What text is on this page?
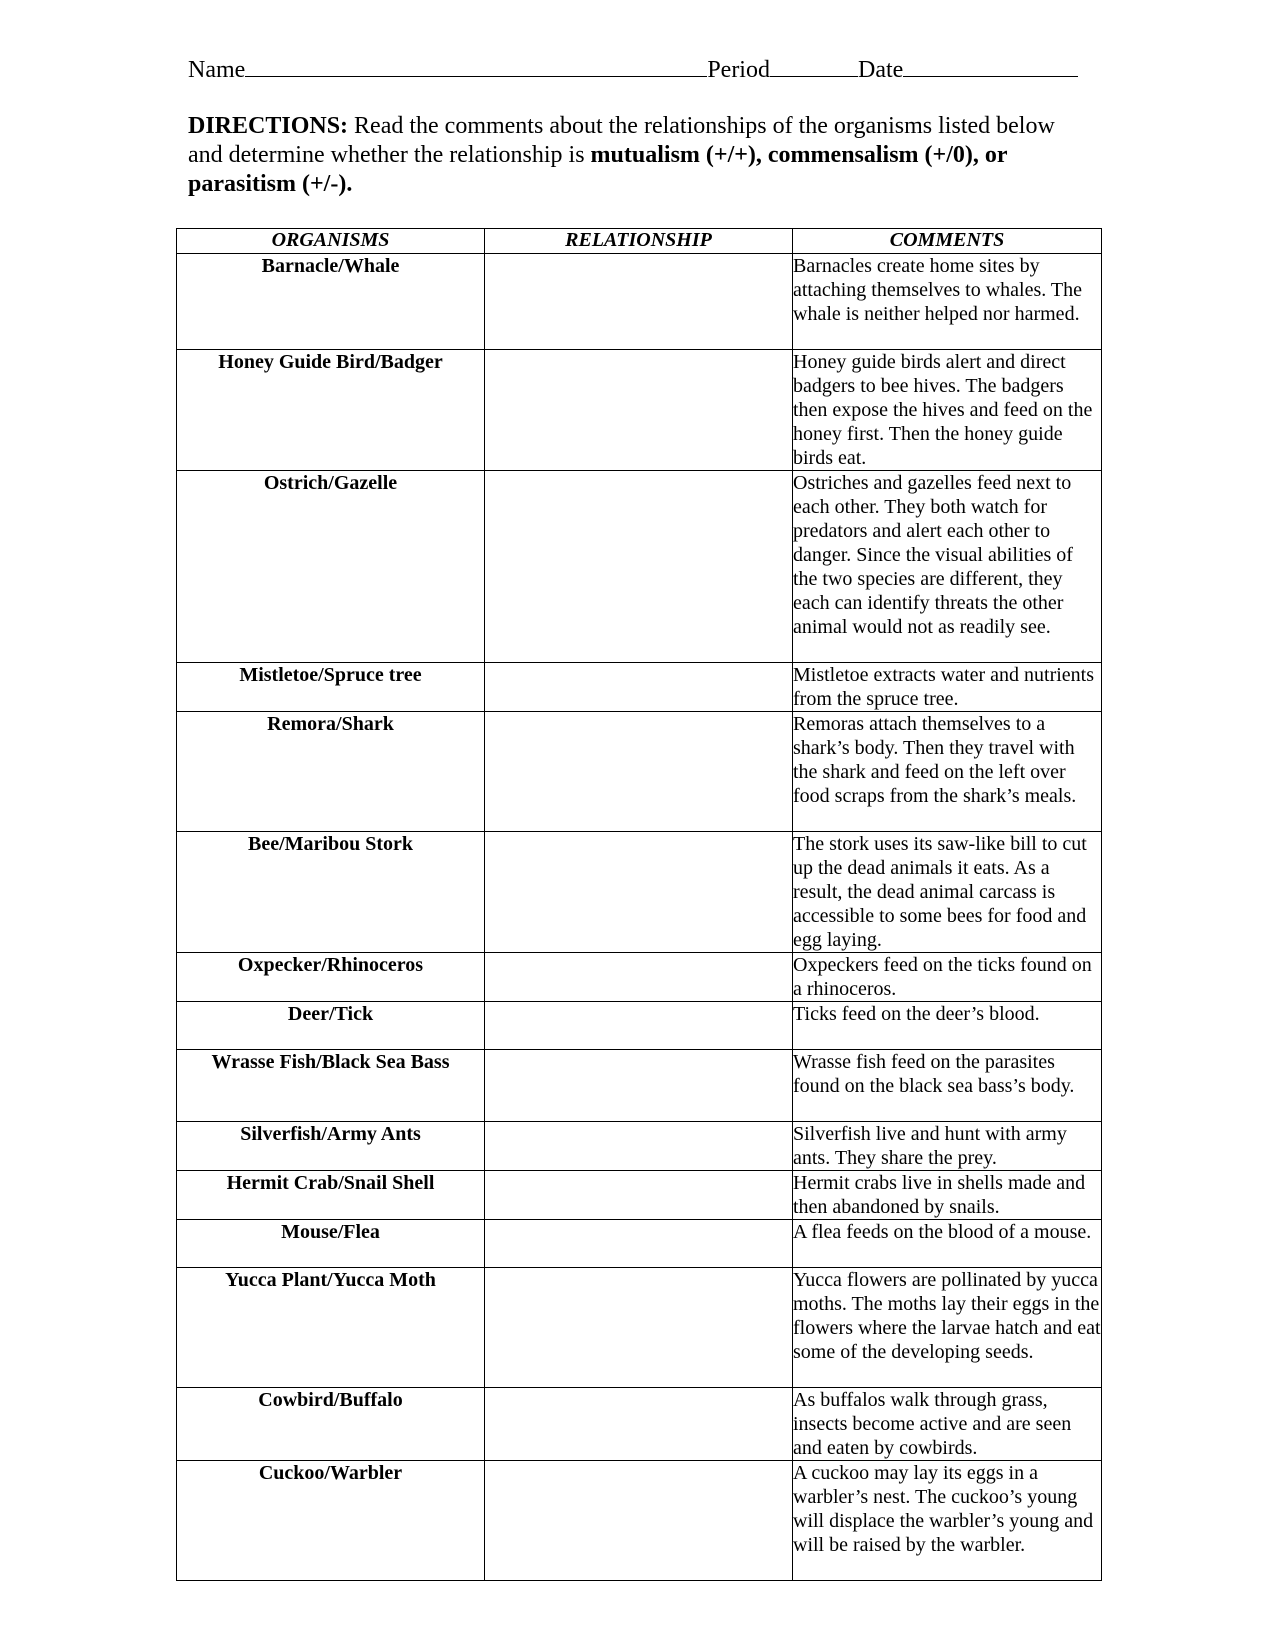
Name	Period	Date
DIRECTIONS: Read the comments about the relationships of the organisms listed below and determine whether the relationship is mutualism (+/+), commensalism (+/0), or parasitism (+/-).
ORGANISMS	RELATIONSHIP	COMMENTS
Barnacle/Whale		Barnacles create home sites by attaching themselves to whales. The whale is neither helped nor harmed.
Honey Guide Bird/Badger		Honey guide birds alert and direct badgers to bee hives. The badgers then expose the hives and feed on the honey first. Then the honey guide birds eat.
Ostrich/Gazelle		Ostriches and gazelles feed next to each other. They both watch for predators and alert each other to danger. Since the visual abilities of the two species are different, they each can identify threats the other animal would not as readily see.
Mistletoe/Spruce tree		Mistletoe extracts water and nutrients from the spruce tree.
Remora/Shark		Remoras attach themselves to a shark’s body. Then they travel with the shark and feed on the left over food scraps from the shark’s meals.
Bee/Maribou Stork		The stork uses its saw-like bill to cut up the dead animals it eats. As a result, the dead animal carcass is accessible to some bees for food and egg laying.
Oxpecker/Rhinoceros		Oxpeckers feed on the ticks found on a rhinoceros.
Deer/Tick		Ticks feed on the deer’s blood.
Wrasse Fish/Black Sea Bass		Wrasse fish feed on the parasites found on the black sea bass’s body.
Silverfish/Army Ants		Silverfish live and hunt with army ants. They share the prey.
Hermit Crab/Snail Shell		Hermit crabs live in shells made and then abandoned by snails.
Mouse/Flea		A flea feeds on the blood of a mouse.
Yucca Plant/Yucca Moth		Yucca flowers are pollinated by yucca moths. The moths lay their eggs in the flowers where the larvae hatch and eat some of the developing seeds.
Cowbird/Buffalo		As buffalos walk through grass, insects become active and are seen and eaten by cowbirds.
Cuckoo/Warbler		A cuckoo may lay its eggs in a warbler’s nest. The cuckoo’s young will displace the warbler’s young and will be raised by the warbler.
